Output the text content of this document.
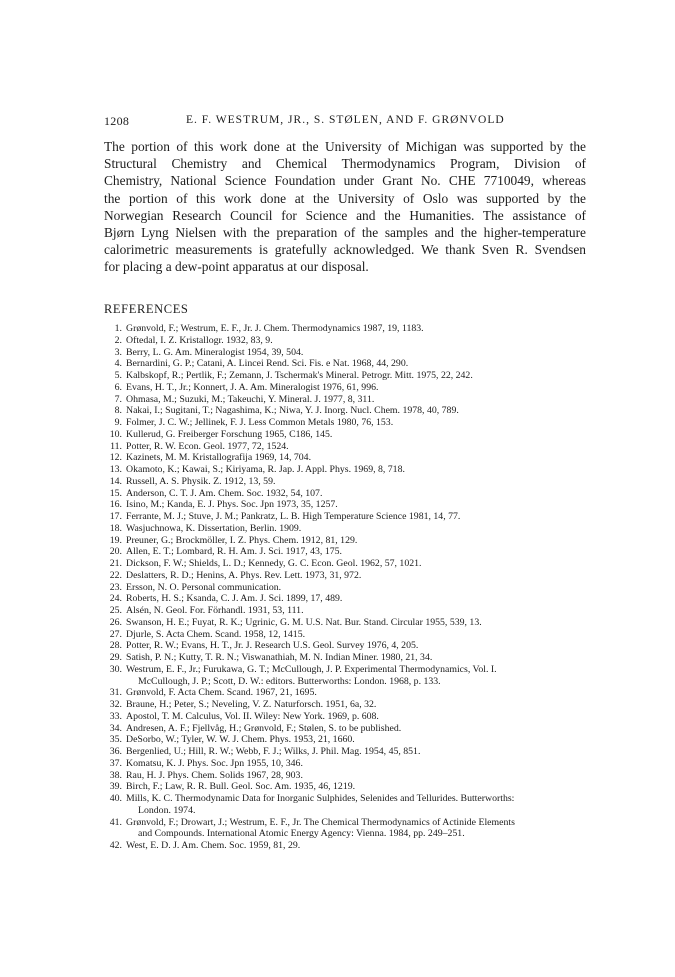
1208	E. F. WESTRUM, JR., S. STØLEN, AND F. GRØNVOLD

The portion of this work done at the University of Michigan was supported by the
Structural Chemistry and Chemical Thermodynamics Program, Division of
Chemistry, National Science Foundation under Grant No. CHE 7710049, whereas
the portion of this work done at the University of Oslo was supported by the
Norwegian Research Council for Science and the Humanities. The assistance of
Bjørn Lyng Nielsen with the preparation of the samples and the higher-temperature
calorimetric measurements is gratefully acknowledged. We thank Sven R. Svendsen
for placing a dew-point apparatus at our disposal.

REFERENCES
1. Grønvold, F.; Westrum, E. F., Jr. J. Chem. Thermodynamics 1987, 19, 1183.
2. Oftedal, I. Z. Kristallogr. 1932, 83, 9.
3. Berry, L. G. Am. Mineralogist 1954, 39, 504.
4. Bernardini, G. P.; Catani, A. Lincei Rend. Sci. Fis. e Nat. 1968, 44, 290.
5. Kalbskopf, R.; Pertlik, F.; Zemann, J. Tschermak's Mineral. Petrogr. Mitt. 1975, 22, 242.
6. Evans, H. T., Jr.; Konnert, J. A. Am. Mineralogist 1976, 61, 996.
7. Ohmasa, M.; Suzuki, M.; Takeuchi, Y. Mineral. J. 1977, 8, 311.
8. Nakai, I.; Sugitani, T.; Nagashima, K.; Niwa, Y. J. Inorg. Nucl. Chem. 1978, 40, 789.
9. Folmer, J. C. W.; Jellinek, F. J. Less Common Metals 1980, 76, 153.
10. Kullerud, G. Freiberger Forschung 1965, C186, 145.
11. Potter, R. W. Econ. Geol. 1977, 72, 1524.
12. Kazinets, M. M. Kristallografija 1969, 14, 704.
13. Okamoto, K.; Kawai, S.; Kiriyama, R. Jap. J. Appl. Phys. 1969, 8, 718.
14. Russell, A. S. Physik. Z. 1912, 13, 59.
15. Anderson, C. T. J. Am. Chem. Soc. 1932, 54, 107.
16. Isino, M.; Kanda, E. J. Phys. Soc. Jpn 1973, 35, 1257.
17. Ferrante, M. J.; Stuve, J. M.; Pankratz, L. B. High Temperature Science 1981, 14, 77.
18. Wasjuchnowa, K. Dissertation, Berlin. 1909.
19. Preuner, G.; Brockmöller, I. Z. Phys. Chem. 1912, 81, 129.
20. Allen, E. T.; Lombard, R. H. Am. J. Sci. 1917, 43, 175.
21. Dickson, F. W.; Shields, L. D.; Kennedy, G. C. Econ. Geol. 1962, 57, 1021.
22. Deslatters, R. D.; Henins, A. Phys. Rev. Lett. 1973, 31, 972.
23. Ersson, N. O. Personal communication.
24. Roberts, H. S.; Ksanda, C. J. Am. J. Sci. 1899, 17, 489.
25. Alsén, N. Geol. For. Förhandl. 1931, 53, 111.
26. Swanson, H. E.; Fuyat, R. K.; Ugrinic, G. M. U.S. Nat. Bur. Stand. Circular 1955, 539, 13.
27. Djurle, S. Acta Chem. Scand. 1958, 12, 1415.
28. Potter, R. W.; Evans, H. T., Jr. J. Research U.S. Geol. Survey 1976, 4, 205.
29. Satish, P. N.; Kutty, T. R. N.; Viswanathiah, M. N. Indian Miner. 1980, 21, 34.
30. Westrum, E. F., Jr.; Furukawa, G. T.; McCullough, J. P. Experimental Thermodynamics, Vol. I.
McCullough, J. P.; Scott, D. W.: editors. Butterworths: London. 1968, p. 133.
31. Grønvold, F. Acta Chem. Scand. 1967, 21, 1695.
32. Braune, H.; Peter, S.; Neveling, V. Z. Naturforsch. 1951, 6a, 32.
33. Apostol, T. M. Calculus, Vol. II. Wiley: New York. 1969, p. 608.
34. Andresen, A. F.; Fjellvåg, H.; Grønvold, F.; Stølen, S. to be published.
35. DeSorbo, W.; Tyler, W. W. J. Chem. Phys. 1953, 21, 1660.
36. Bergenlied, U.; Hill, R. W.; Webb, F. J.; Wilks, J. Phil. Mag. 1954, 45, 851.
37. Komatsu, K. J. Phys. Soc. Jpn 1955, 10, 346.
38. Rau, H. J. Phys. Chem. Solids 1967, 28, 903.
39. Birch, F.; Law, R. R. Bull. Geol. Soc. Am. 1935, 46, 1219.
40. Mills, K. C. Thermodynamic Data for Inorganic Sulphides, Selenides and Tellurides. Butterworths:
London. 1974.
41. Grønvold, F.; Drowart, J.; Westrum, E. F., Jr. The Chemical Thermodynamics of Actinide Elements
and Compounds. International Atomic Energy Agency: Vienna. 1984, pp. 249–251.
42. West, E. D. J. Am. Chem. Soc. 1959, 81, 29.
